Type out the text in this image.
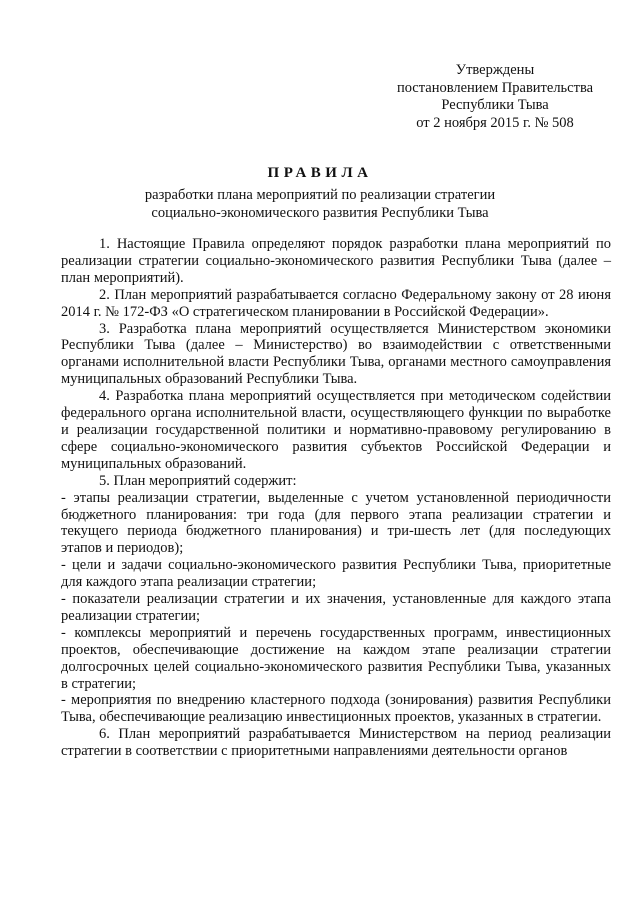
Утверждены
постановлением Правительства
Республики Тыва
от 2 ноября 2015 г. № 508
ПРАВИЛА
разработки плана мероприятий по реализации стратегии
социально-экономического развития Республики Тыва

1. Настоящие Правила определяют порядок разработки плана мероприятий по реализации стратегии социально-экономического развития Республики Тыва (далее – план мероприятий).

2. План мероприятий разрабатывается согласно Федеральному закону от 28 июня 2014 г. № 172-ФЗ «О стратегическом планировании в Российской Федерации».

3. Разработка плана мероприятий осуществляется Министерством экономики Республики Тыва (далее – Министерство) во взаимодействии с ответственными органами исполнительной власти Республики Тыва, органами местного самоуправления муниципальных образований Республики Тыва.

4. Разработка плана мероприятий осуществляется при методическом содействии федерального органа исполнительной власти, осуществляющего функции по выработке и реализации государственной политики и нормативно-правовому регулированию в сфере социально-экономического развития субъектов Российской Федерации и муниципальных образований.

5. План мероприятий содержит:

- этапы реализации стратегии, выделенные с учетом установленной периодичности бюджетного планирования: три года (для первого этапа реализации стратегии и текущего периода бюджетного планирования) и три-шесть лет (для последующих этапов и периодов);

- цели и задачи социально-экономического развития Республики Тыва, приоритетные для каждого этапа реализации стратегии;

- показатели реализации стратегии и их значения, установленные для каждого этапа реализации стратегии;

- комплексы мероприятий и перечень государственных программ, инвестиционных проектов, обеспечивающие достижение на каждом этапе реализации стратегии долгосрочных целей социально-экономического развития Республики Тыва, указанных в стратегии;

- мероприятия по внедрению кластерного подхода (зонирования) развития Республики Тыва, обеспечивающие реализацию инвестиционных проектов, указанных в стратегии.

6. План мероприятий разрабатывается Министерством на период реализации стратегии в соответствии с приоритетными направлениями деятельности органов
